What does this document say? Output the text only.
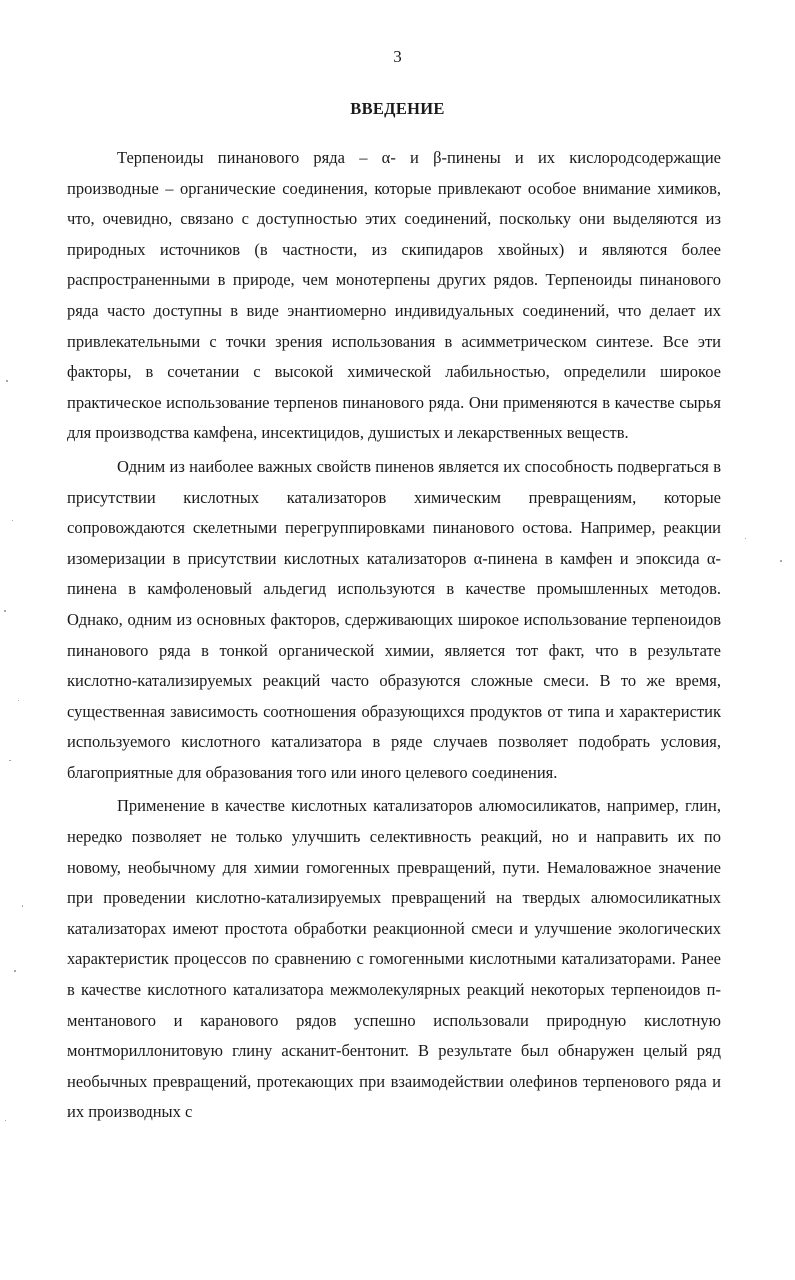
3
ВВЕДЕНИЕ

Терпеноиды пинанового ряда – α- и β-пинены и их кислородсодержащие производные – органические соединения, которые привлекают особое внимание химиков, что, очевидно, связано с доступностью этих соединений, поскольку они выделяются из природных источников (в частности, из скипидаров хвойных) и являются более распространенными в природе, чем монотерпены других рядов. Терпеноиды пинанового ряда часто доступны в виде энантиомерно индивидуальных соединений, что делает их привлекательными с точки зрения использования в асимметрическом синтезе. Все эти факторы, в сочетании с высокой химической лабильностью, определили широкое практическое использование терпенов пинанового ряда. Они применяются в качестве сырья для производства камфена, инсектицидов, душистых и лекарственных веществ.

Одним из наиболее важных свойств пиненов является их способность подвергаться в присутствии кислотных катализаторов химическим превращениям, которые сопровождаются скелетными перегруппировками пинанового остова. Например, реакции изомеризации в присутствии кислотных катализаторов α-пинена в камфен и эпоксида α-пинена в камфоленовый альдегид используются в качестве промышленных методов. Однако, одним из основных факторов, сдерживающих широкое использование терпеноидов пинанового ряда в тонкой органической химии, является тот факт, что в результате кислотно-катализируемых реакций часто образуются сложные смеси. В то же время, существенная зависимость соотношения образующихся продуктов от типа и характеристик используемого кислотного катализатора в ряде случаев позволяет подобрать условия, благоприятные для образования того или иного целевого соединения.

Применение в качестве кислотных катализаторов алюмосиликатов, например, глин, нередко позволяет не только улучшить селективность реакций, но и направить их по новому, необычному для химии гомогенных превращений, пути. Немаловажное значение при проведении кислотно-катализируемых превращений на твердых алюмосиликатных катализаторах имеют простота обработки реакционной смеси и улучшение экологических характеристик процессов по сравнению с гомогенными кислотными катализаторами. Ранее в качестве кислотного катализатора межмолекулярных реакций некоторых терпеноидов п-ментанового и каранового рядов успешно использовали природную кислотную монтмориллонитовую глину асканит-бентонит. В результате был обнаружен целый ряд необычных превращений, протекающих при взаимодействии олефинов терпенового ряда и их производных с
